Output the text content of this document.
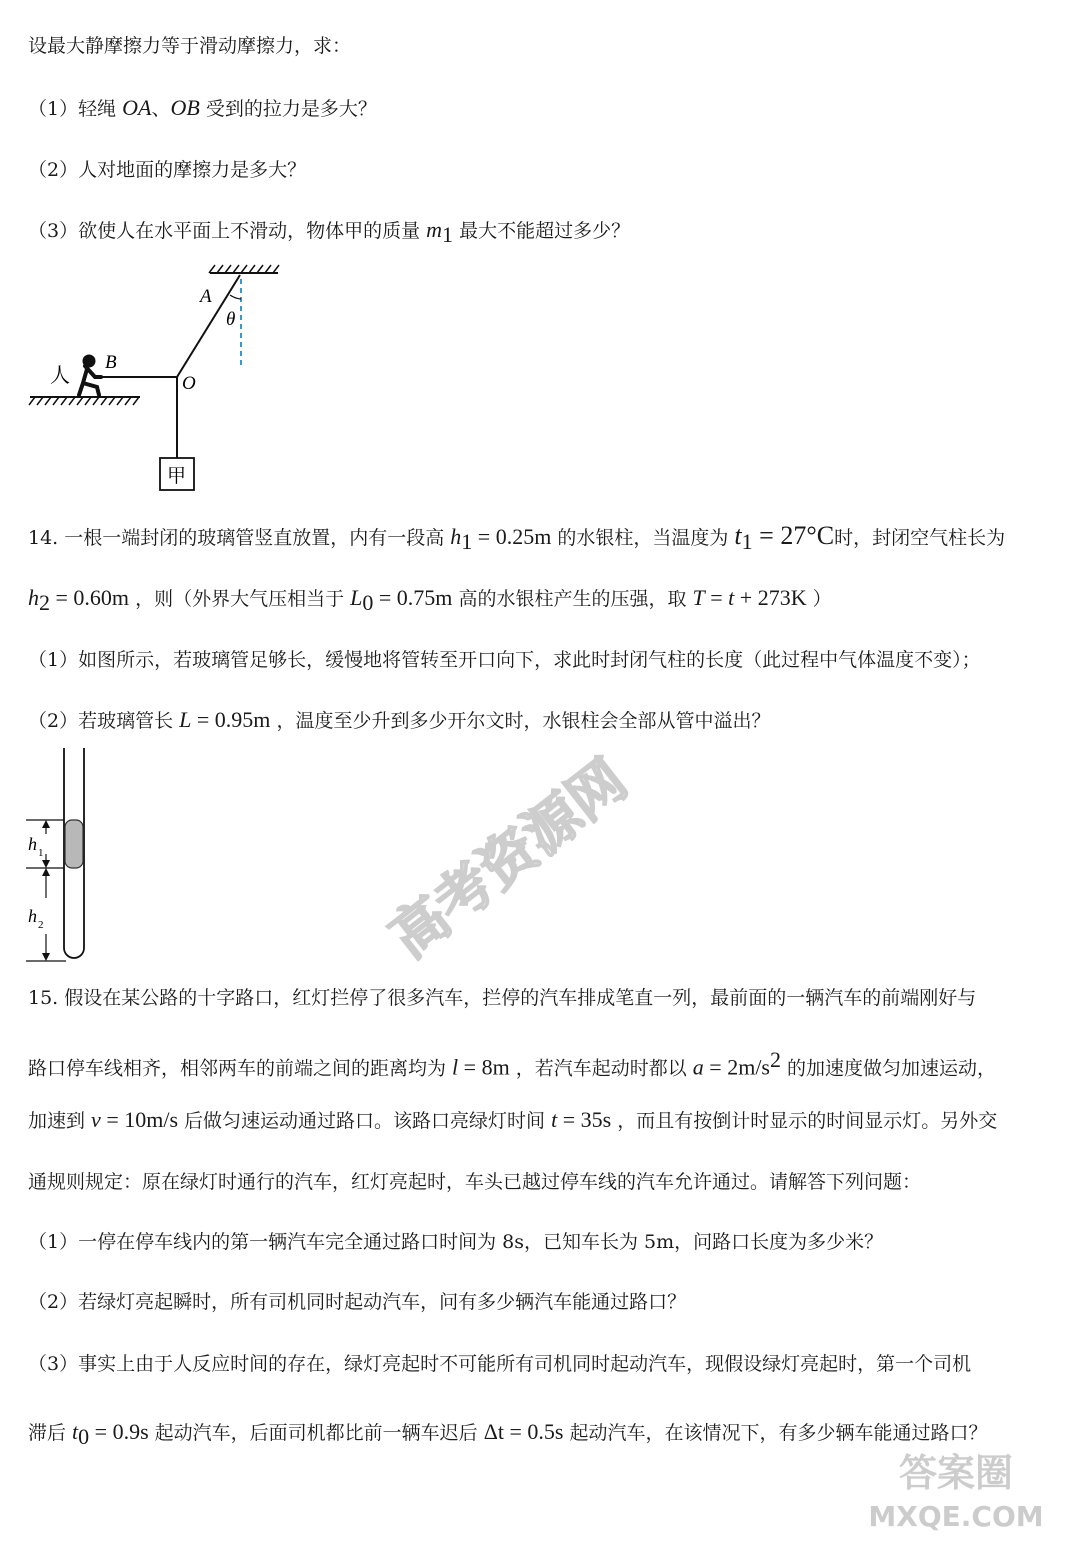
设最大静摩擦力等于滑动摩擦力，求：
（1）轻绳 OA、OB 受到的拉力是多大？
（2）人对地面的摩擦力是多大？
（3）欲使人在水平面上不滑动，物体甲的质量 $m_1$ 最大不能超过多少？
A
θ
人
B
O
甲
14. 一根一端封闭的玻璃管竖直放置，内有一段高 $h_1 = 0.25m$ 的水银柱，当温度为 $t_1 = 27^\circ C$时，封闭空气柱长为
$h_2 = 0.60m$ ，则（外界大气压相当于 $L_0 = 0.75m$ 高的水银柱产生的压强，取 T = t + 273K ）
（1）如图所示，若玻璃管足够长，缓慢地将管转至开口向下，求此时封闭气柱的长度（此过程中气体温度不变）；
（2）若玻璃管长 L = 0.95m ，温度至少升到多少开尔文时，水银柱会全部从管中溢出？
h 1
h 2
15. 假设在某公路的十字路口，红灯拦停了很多汽车，拦停的汽车排成笔直一列，最前面的一辆汽车的前端刚好与
路口停车线相齐，相邻两车的前端之间的距离均为 l = 8m ，若汽车起动时都以 $a = 2m/s^2$ 的加速度做匀加速运动，
加速到 v = 10m/s 后做匀速运动通过路口。该路口亮绿灯时间 t = 35s ，而且有按倒计时显示的时间显示灯。另外交
通规则规定：原在绿灯时通行的汽车，红灯亮起时，车头已越过停车线的汽车允许通过。请解答下列问题：
（1）一停在停车线内的第一辆汽车完全通过路口时间为 8s，已知车长为 5m，问路口长度为多少米？
（2）若绿灯亮起瞬时，所有司机同时起动汽车，问有多少辆汽车能通过路口？
（3）事实上由于人反应时间的存在，绿灯亮起时不可能所有司机同时起动汽车，现假设绿灯亮起时，第一个司机
滞后 $t_0 = 0.9s$ 起动汽车，后面司机都比前一辆车迟后 Δt = 0.5s 起动汽车，在该情况下，有多少辆车能通过路口？
高考资源网
答案圈
MXQE.COM
